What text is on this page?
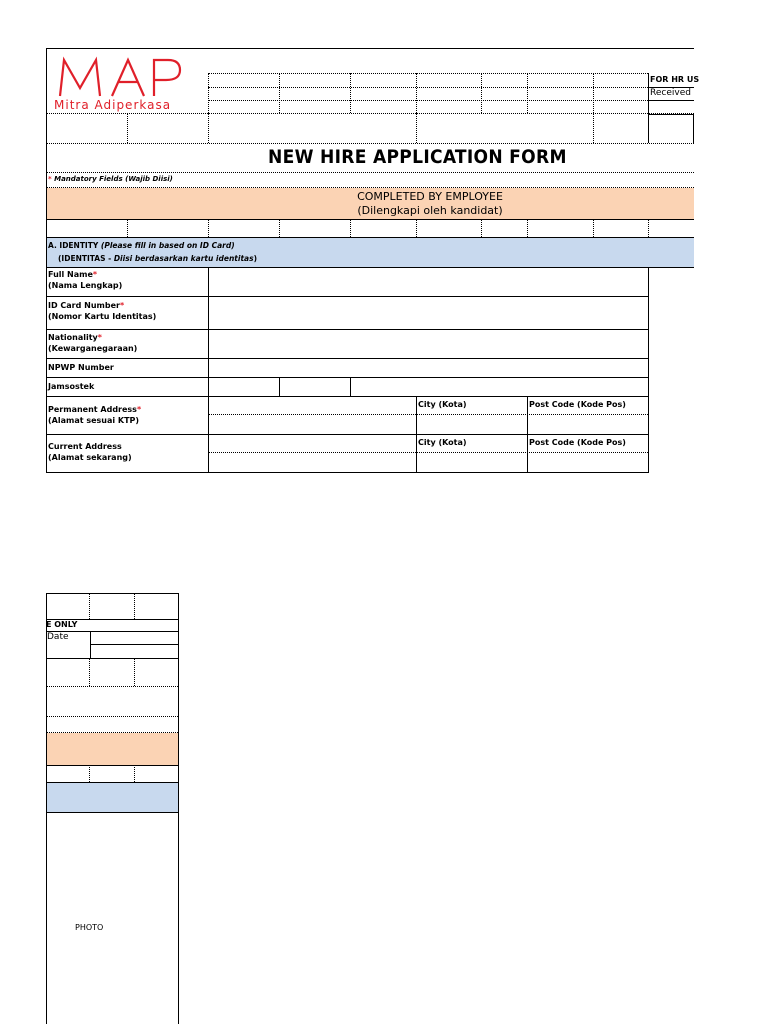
Mitra Adiperkasa
FOR HR US
Received
NEW HIRE APPLICATION FORM
* Mandatory Fields (Wajib Diisi)
COMPLETED BY EMPLOYEE
(Dilengkapi oleh kandidat)
A. IDENTITY (Please fill in based on ID Card)
(IDENTITAS - Diisi berdasarkan kartu identitas)
Full Name*
(Nama Lengkap)
ID Card Number*
(Nomor Kartu Identitas)
Nationality*
(Kewarganegaraan)
NPWP Number
Jamsostek
Permanent Address*
(Alamat sesuai KTP)
City (Kota)	Post Code (Kode Pos)
Current Address
(Alamat sekarang)
City (Kota)	Post Code (Kode Pos)
E ONLY
Date
PHOTO
